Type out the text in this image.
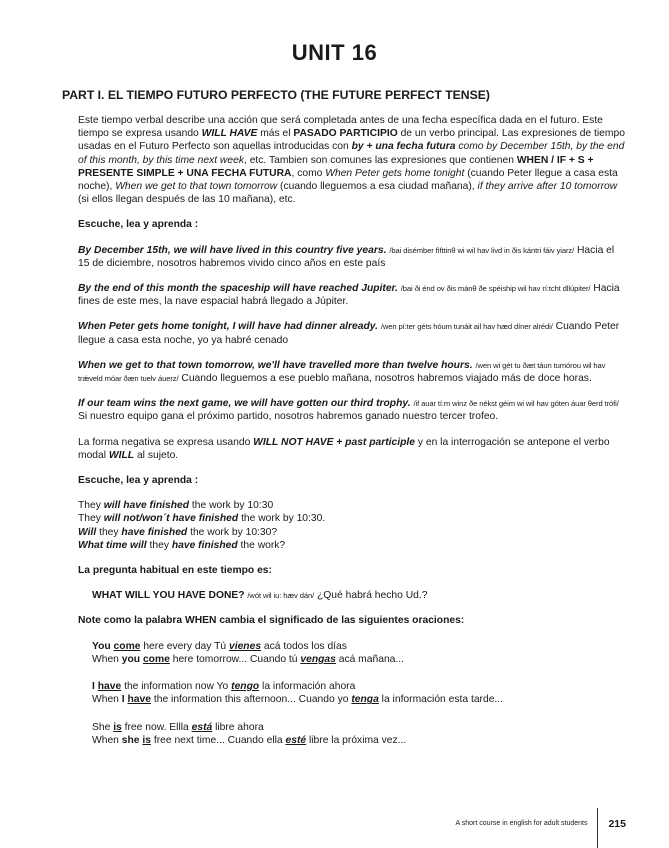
UNIT 16
PART I. EL TIEMPO FUTURO PERFECTO (THE FUTURE PERFECT TENSE)

Este tiempo verbal describe una acción que será completada antes de una fecha específica dada en el futuro. Este tiempo se expresa usando WILL HAVE más el PASADO PARTICIPIO de un verbo principal. Las expresiones de tiempo usadas en el Futuro Perfecto son aquellas introducidas con by + una fecha futura como by December 15th, by the end of this month, by this time next week, etc. Tambien son comunes las expresiones que contienen WHEN / IF + S + PRESENTE SIMPLE + UNA FECHA FUTURA, como When Peter gets home tonight (cuando Peter llegue a casa esta noche), When we get to that town tomorrow (cuando lleguemos a esa ciudad mañana), if they arrive after 10 tomorrow (si ellos llegan después de las 10 mañana), etc.

Escuche, lea y aprenda :

By December 15th, we will have lived in this country five years. /bai disémber fìfttinθ wi wil hav livd in ðis kántri fáiv yiarz/ Hacia el 15 de diciembre, nosotros habremos vivido cinco años en este país

By the end of this month the spaceship will have reached Jupiter. /bai ði énd ov ðis mánθ ðe spéiship wil hav rí:tcht dllúpiter/ Hacia fines de este mes, la nave espacial habrá llegado a Júpiter.

When Peter gets home tonight, I will have had dinner already. /wen pí:ter géts hóum tunáit ail hav hæd díner alrédi/ Cuando Peter llegue a casa esta noche, yo ya habré cenado

When we get to that town tomorrow, we'll have travelled more than twelve hours. /wen wi gét tu ðæt táun tumórou wil hav trǽveld móar ðæn tuelv áuerz/ Cuando lleguemos a ese pueblo mañana, nosotros habremos viajado más de doce horas.

If our team wins the next game, we will have gotten our third trophy. /if auar tí:m winz ðe nékst géim wi wil hav góten áuar θerd trófi/ Si nuestro equipo gana el próximo partido, nosotros habremos ganado nuestro tercer trofeo.

La forma negativa se expresa usando WILL NOT HAVE + past participle y en la interrogación se antepone el verbo modal WILL al sujeto.

Escuche, lea y aprenda :

They will have finished the work by 10:30
They will not/won´t have finished the work by 10:30.
Will they have finished the work by 10:30?
What time will they have finished the work?

La pregunta habitual en este tiempo es:

WHAT WILL YOU HAVE DONE? /wót wil iu: hæv dán/ ¿Qué habrá hecho Ud.?

Note como la palabra WHEN cambia el significado de las siguientes oraciones:

You come here every day Tú vienes acá todos los días
When you come here tomorrow... Cuando tú vengas acá mañana...
I have the information now Yo tengo la información ahora
When I have the information this afternoon... Cuando yo tenga la información esta tarde...
She is free now. Ellla está libre ahora
When she is free next time... Cuando ella esté libre la próxima vez...
A short course in english for adult students 215
